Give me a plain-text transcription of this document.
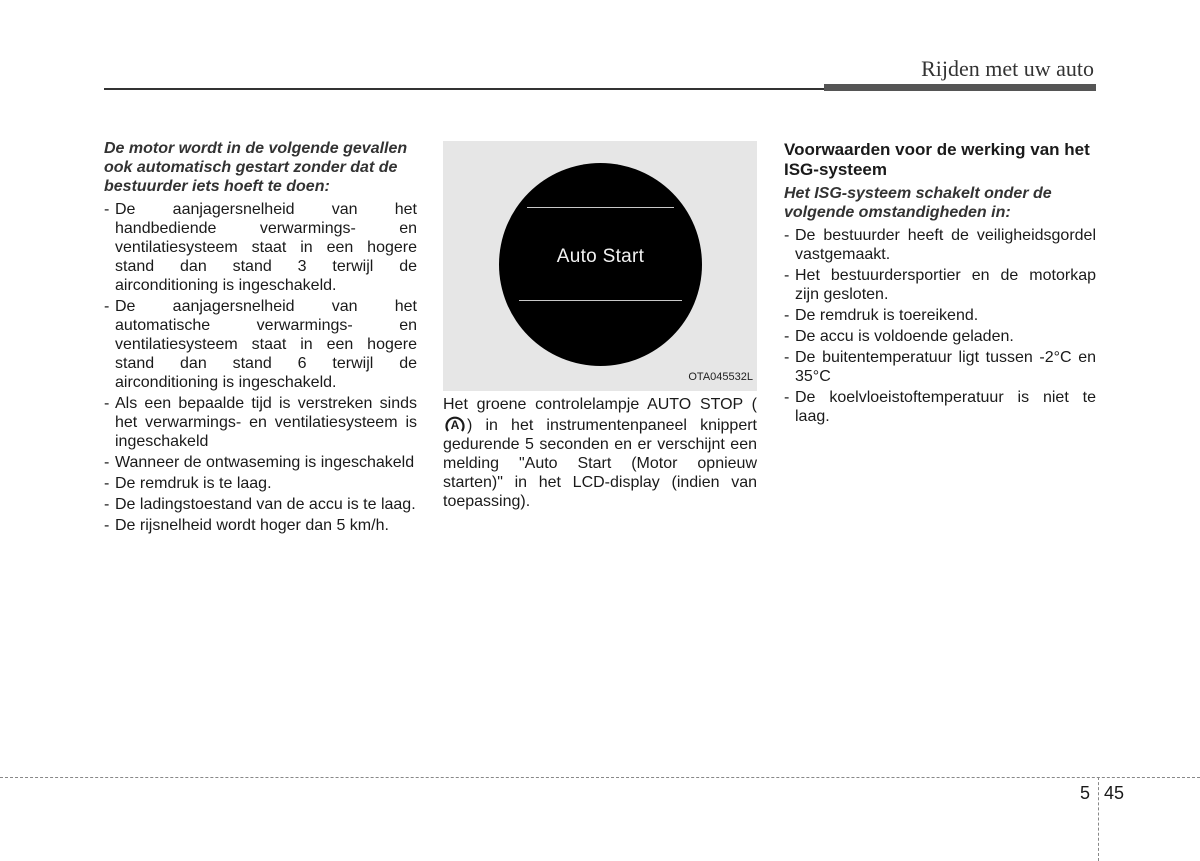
Rijden met uw auto

De motor wordt in de volgende gevallen ook automatisch gestart zonder dat de bestuurder iets hoeft te doen:

- De aanjagersnelheid van het handbediende verwarmings- en ventilatiesysteem staat in een hogere stand dan stand 3 terwijl de airconditioning is ingeschakeld.
- De aanjagersnelheid van het automatische verwarmings- en ventilatiesysteem staat in een hogere stand dan stand 6 terwijl de airconditioning is ingeschakeld.
- Als een bepaalde tijd is verstreken sinds het verwarmings- en ventilatiesysteem is ingeschakeld
- Wanneer de ontwaseming is ingeschakeld
- De remdruk is te laag.
- De ladingstoestand van de accu is te laag.
- De rijsnelheid wordt hoger dan 5 km/h.
Auto Start
OTA045532L

Het groene controlelampje AUTO STOP (
A ) in het instrumentenpaneel knippert gedurende 5 seconden en er verschijnt een melding "Auto Start (Motor opnieuw starten)" in het LCD-display (indien van toepassing).

Voorwaarden voor de werking van het ISG-systeem

Het ISG-systeem schakelt onder de volgende omstandigheden in:

- De bestuurder heeft de veiligheidsgordel vastgemaakt.
- Het bestuurdersportier en de motorkap zijn gesloten.
- De remdruk is toereikend.
- De accu is voldoende geladen.
- De buitentemperatuur ligt tussen -2°C en 35°C
- De koelvloeistoftemperatuur is niet te laag.
5 45
